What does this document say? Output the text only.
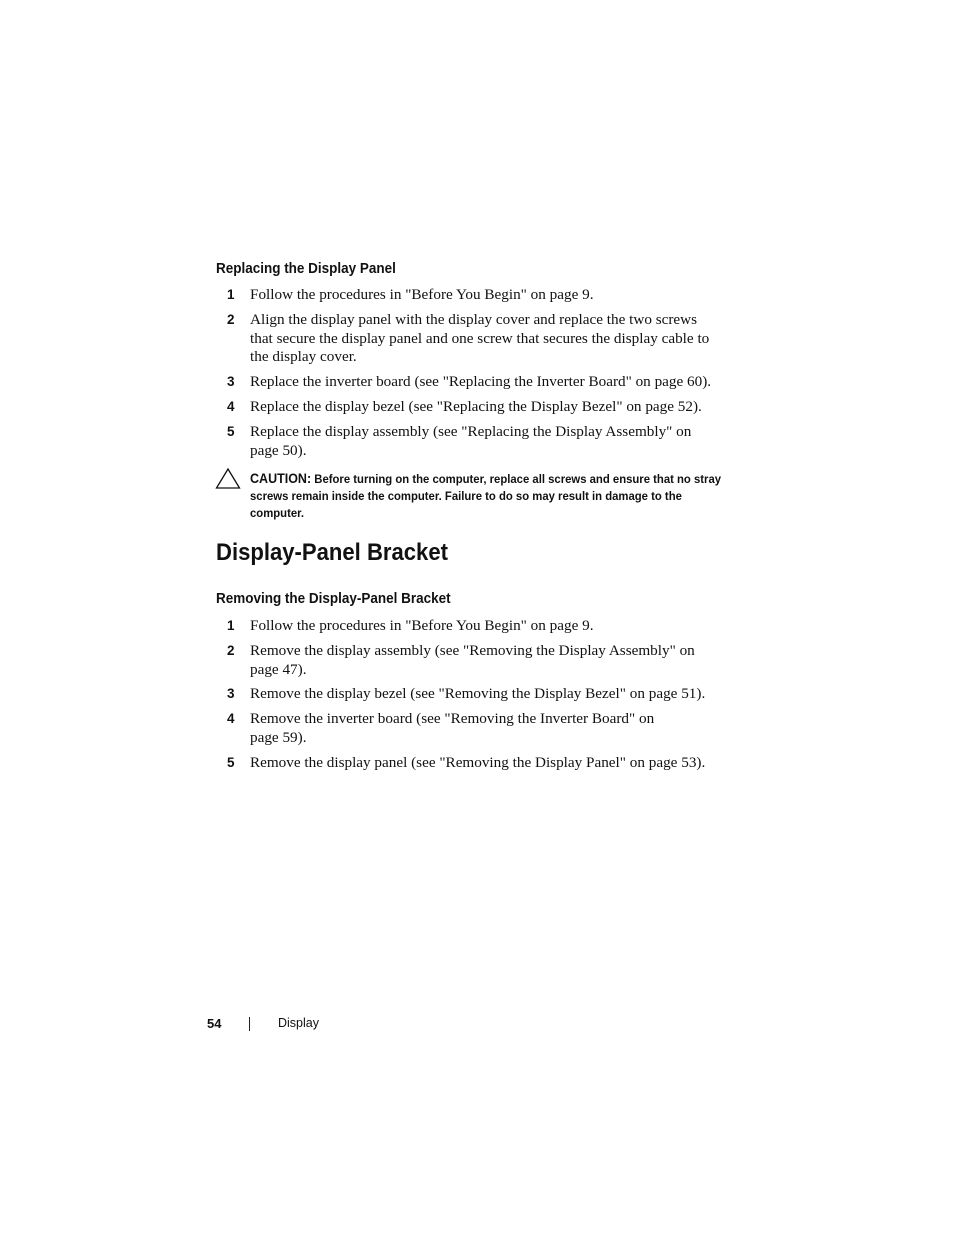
Replacing the Display Panel
1 Follow the procedures in "Before You Begin" on page 9.
2 Align the display panel with the display cover and replace the two screws that secure the display panel and one screw that secures the display cable to the display cover.
3 Replace the inverter board (see "Replacing the Inverter Board" on page 60).
4 Replace the display bezel (see "Replacing the Display Bezel" on page 52).
5 Replace the display assembly (see "Replacing the Display Assembly" on page 50).
CAUTION: Before turning on the computer, replace all screws and ensure that no stray screws remain inside the computer. Failure to do so may result in damage to the computer.
Display-Panel Bracket
Removing the Display-Panel Bracket
1 Follow the procedures in "Before You Begin" on page 9.
2 Remove the display assembly (see "Removing the Display Assembly" on page 47).
3 Remove the display bezel (see "Removing the Display Bezel" on page 51).
4 Remove the inverter board (see "Removing the Inverter Board" on page 59).
5 Remove the display panel (see "Removing the Display Panel" on page 53).
54	Display
